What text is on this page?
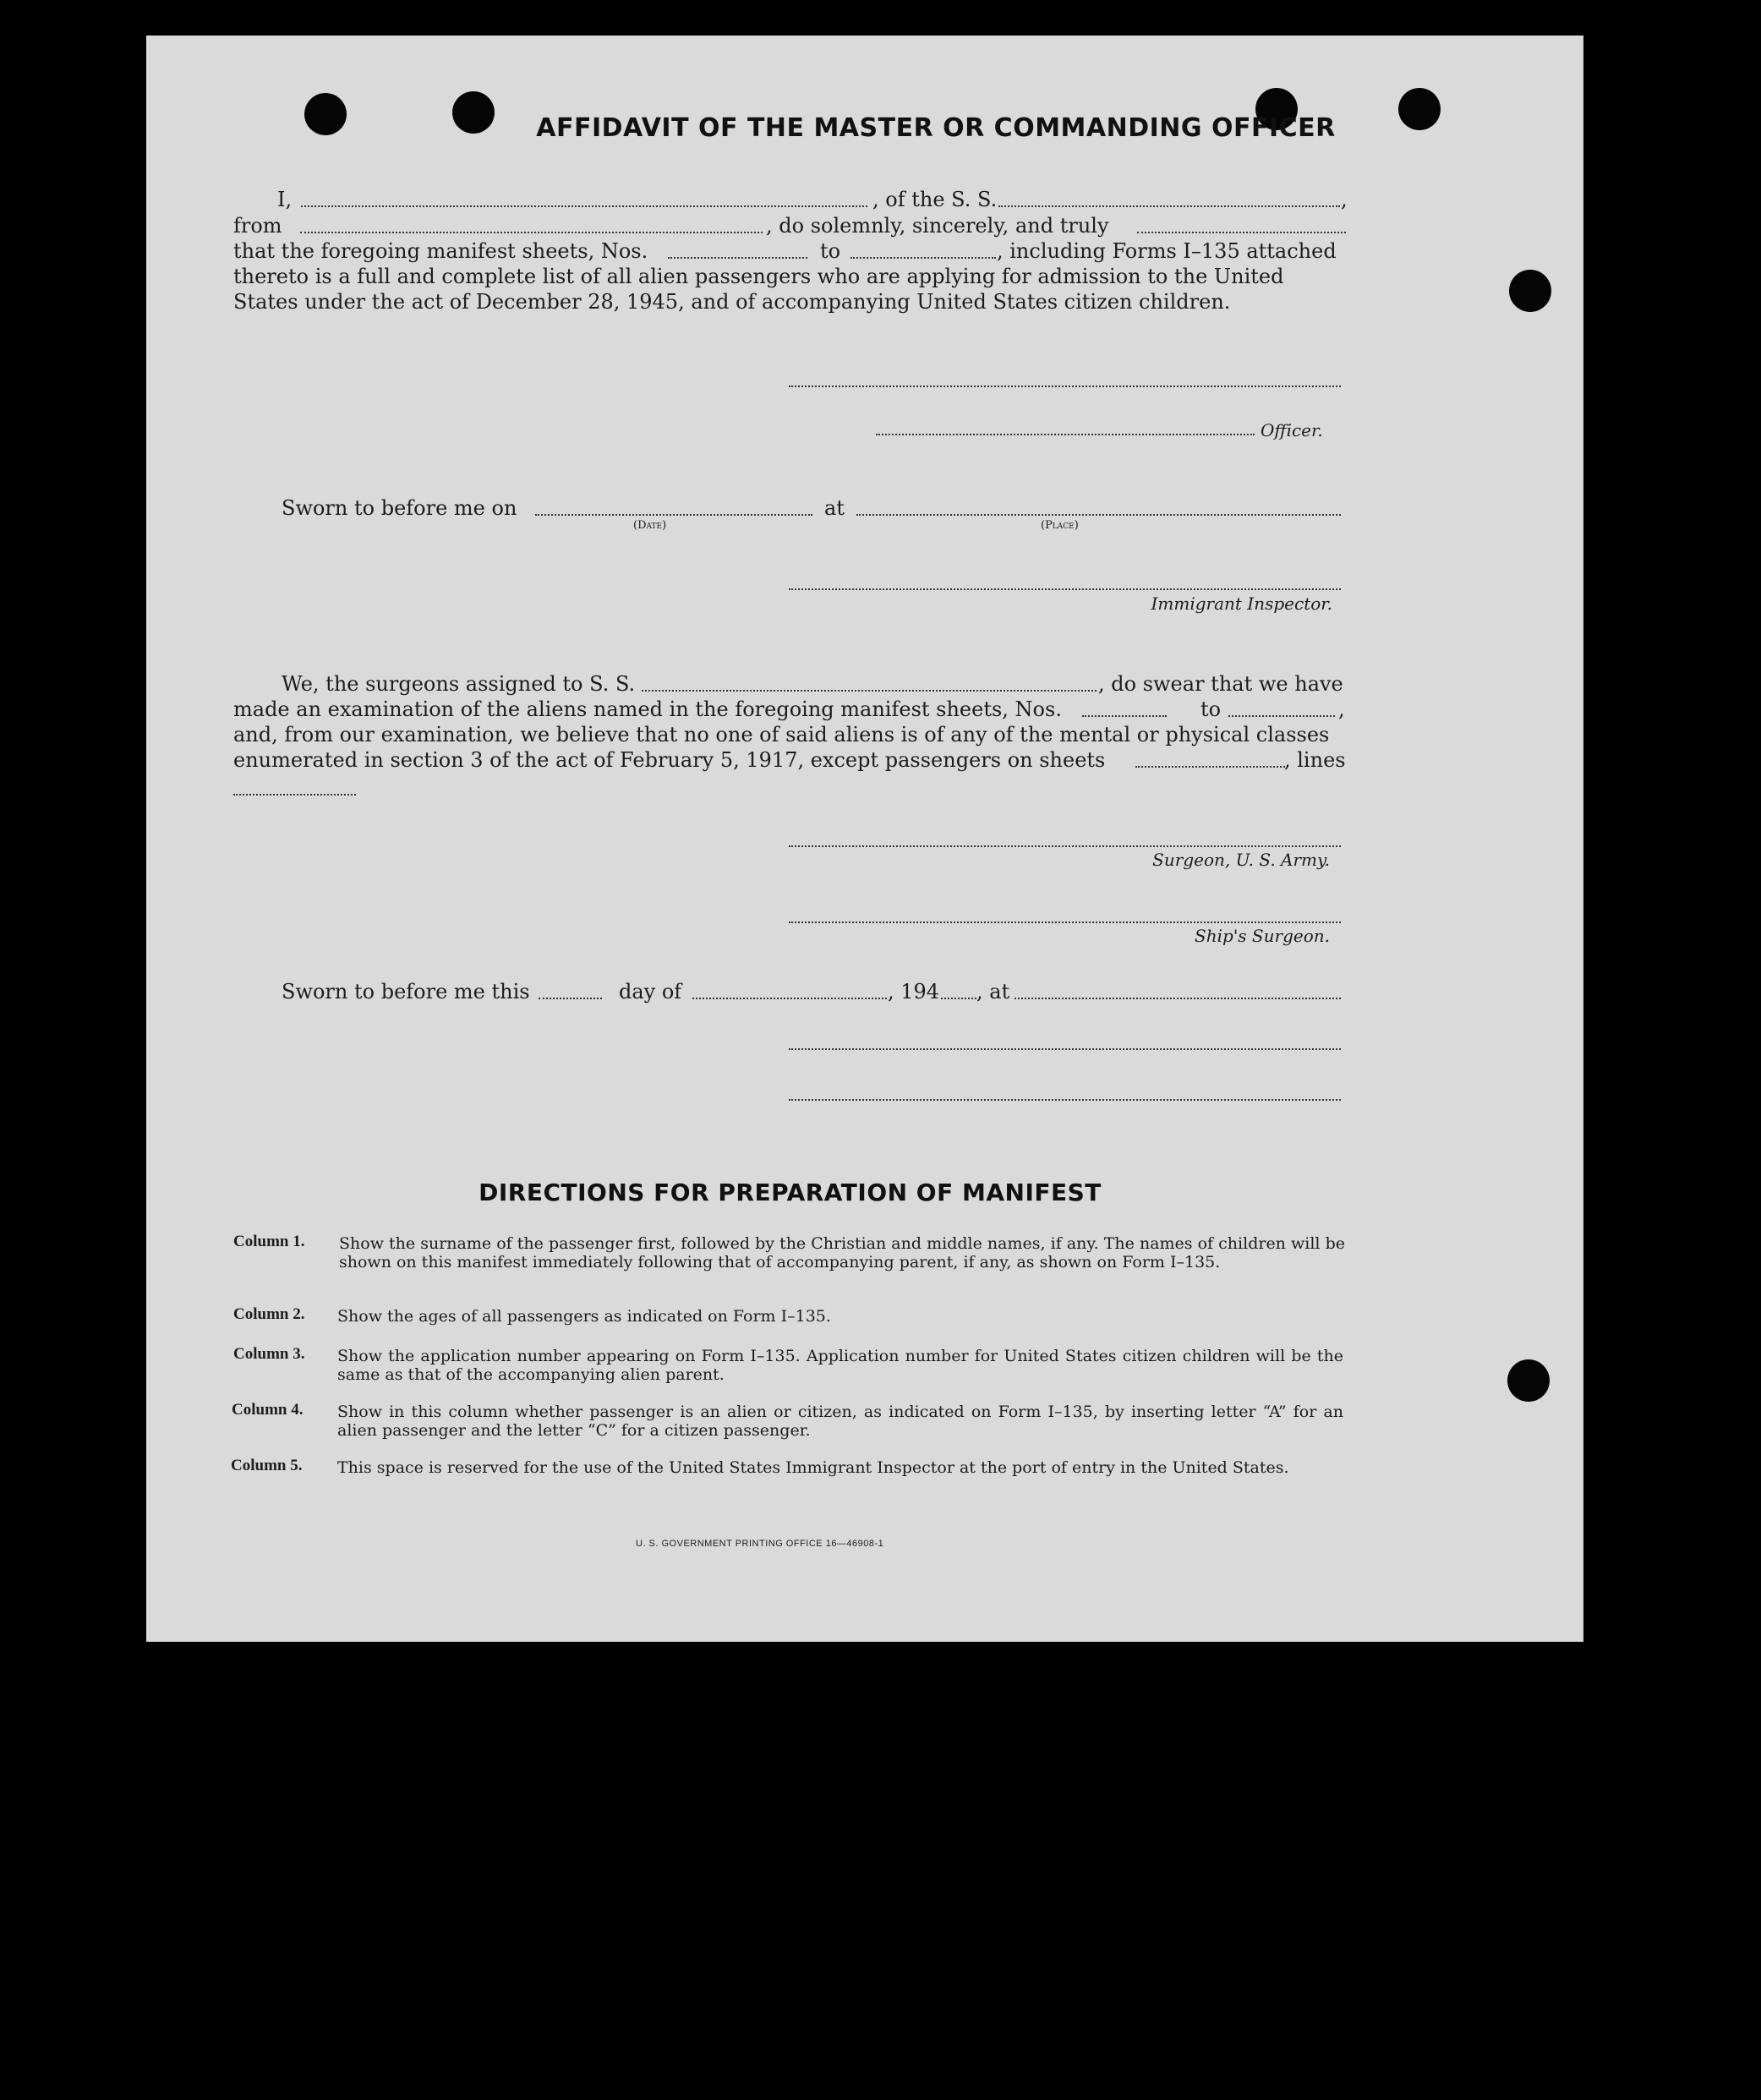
AFFIDAVIT OF THE MASTER OR COMMANDING OFFICER
I,	, of the S. S.	,
from	, do solemnly, sincerely, and truly
that the foregoing manifest sheets, Nos.	to	, including Forms I–135 attached
thereto is a full and complete list of all alien passengers who are applying for admission to the United
States under the act of December 28, 1945, and of accompanying United States citizen children.
Officer.
Sworn to before me on	at
(Date)	(Place)
Immigrant Inspector.
We, the surgeons assigned to S. S.	, do swear that we have
made an examination of the aliens named in the foregoing manifest sheets, Nos.	to	,
and, from our examination, we believe that no one of said aliens is of any of the mental or physical classes
enumerated in section 3 of the act of February 5, 1917, except passengers on sheets	, lines
Surgeon, U. S. Army.
Ship's Surgeon.
Sworn to before me this	day of	, 194 , at
DIRECTIONS FOR PREPARATION OF MANIFEST
Column 1. Show the surname of the passenger first, followed by the Christian and middle names, if any. The names of children will be shown on this manifest immediately following that of accompanying parent, if any, as shown on Form I–135.
Column 2. Show the ages of all passengers as indicated on Form I–135.
Column 3. Show the application number appearing on Form I–135. Application number for United States citizen children will be the same as that of the accompanying alien parent.
Column 4. Show in this column whether passenger is an alien or citizen, as indicated on Form I–135, by inserting letter “A” for an alien passenger and the letter “C” for a citizen passenger.
Column 5. This space is reserved for the use of the United States Immigrant Inspector at the port of entry in the United States.
U. S. GOVERNMENT PRINTING OFFICE 16—46908-1
